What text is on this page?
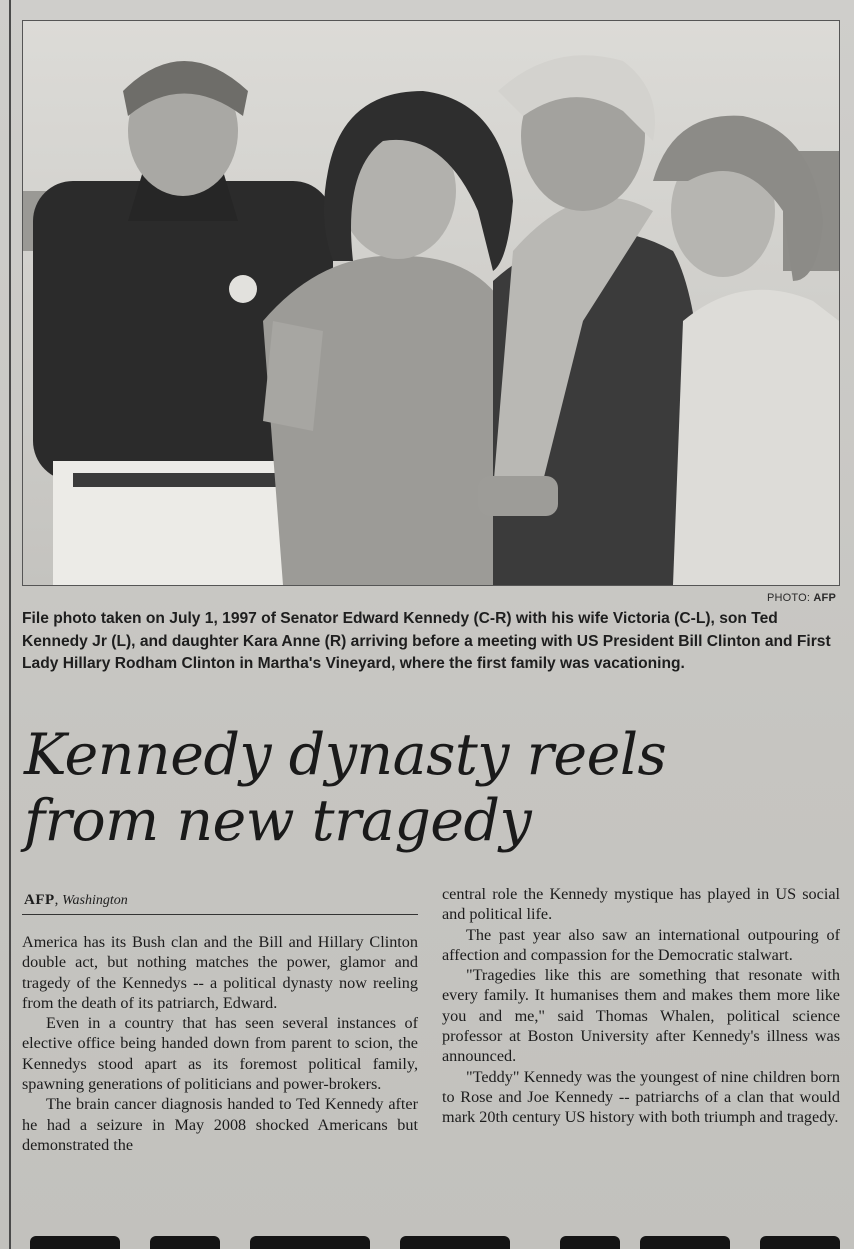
PHOTO: AFP
File photo taken on July 1, 1997 of Senator Edward Kennedy (C-R) with his wife Victoria (C-L), son Ted Kennedy Jr (L), and daughter Kara Anne (R) arriving before a meeting with US President Bill Clinton and First Lady Hillary Rodham Clinton in Martha's Vineyard, where the first family was vacationing.
Kennedy dynasty reels
from new tragedy
AFP, Washington

America has its Bush clan and the Bill and Hillary Clinton double act, but nothing matches the power, glamor and tragedy of the Kennedys -- a political dynasty now reeling from the death of its patriarch, Edward.

Even in a country that has seen several instances of elective office being handed down from parent to scion, the Kennedys stood apart as its foremost political family, spawning generations of politicians and power-brokers.

The brain cancer diagnosis handed to Ted Kennedy after he had a seizure in May 2008 shocked Americans but demonstrated the

central role the Kennedy mystique has played in US social and political life.

The past year also saw an international outpouring of affection and compassion for the Democratic stalwart.

"Tragedies like this are something that resonate with every family. It humanises them and makes them more like you and me," said Thomas Whalen, political science professor at Boston University after Kennedy's illness was announced.

"Teddy" Kennedy was the youngest of nine children born to Rose and Joe Kennedy -- patriarchs of a clan that would mark 20th century US history with both triumph and tragedy.
